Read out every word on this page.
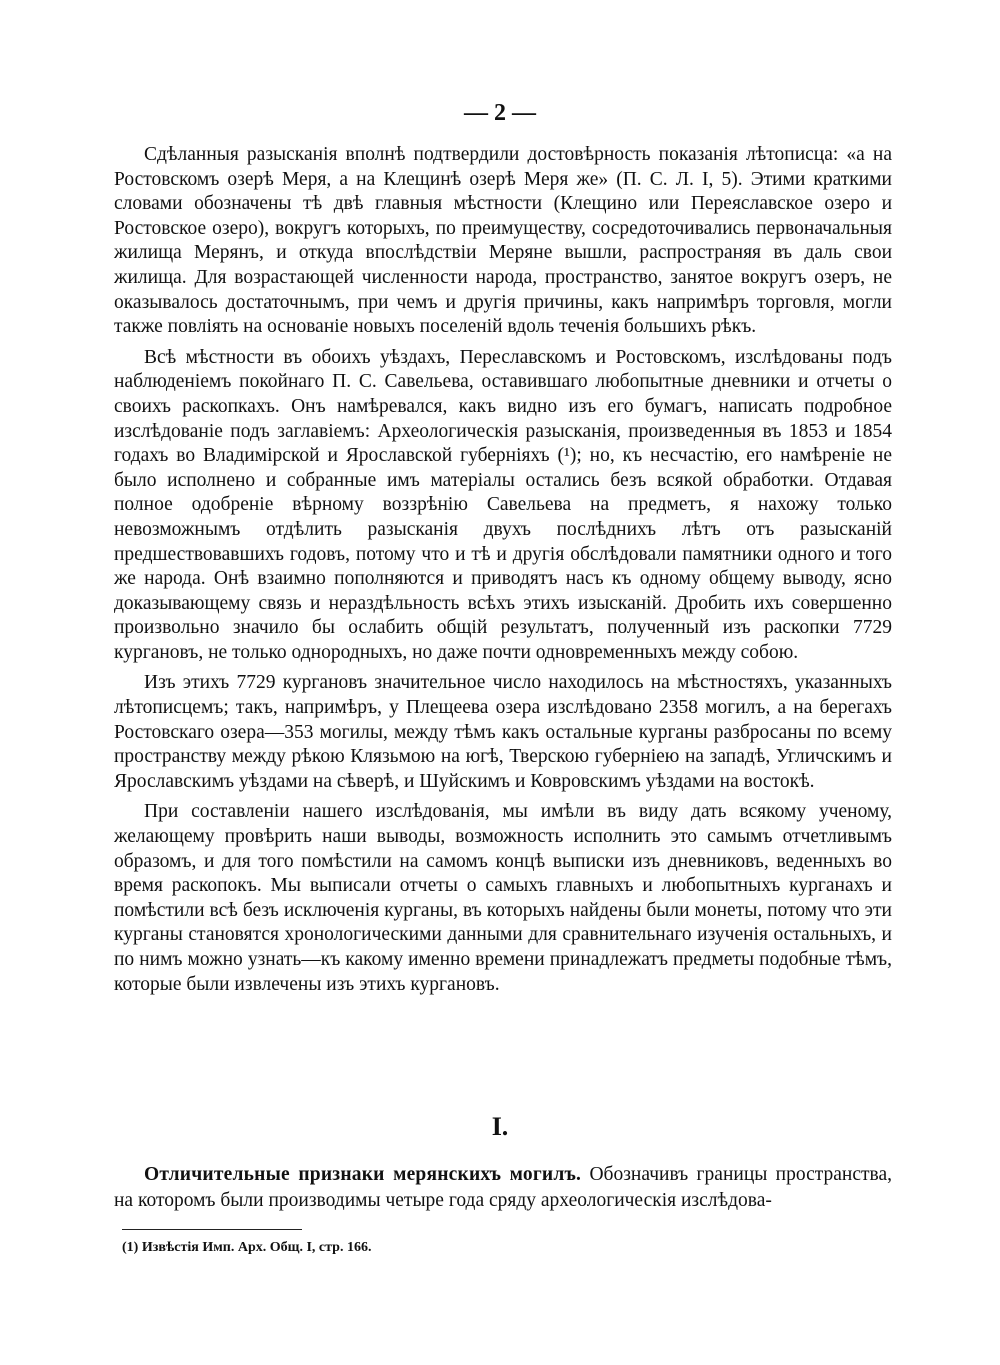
— 2 —

Сдѣланныя разысканія вполнѣ подтвердили достовѣрность показанія лѣтописца: «а на Ростовскомъ озерѣ Меря, а на Клещинѣ озерѣ Меря же» (П. С. Л. I, 5). Этими краткими словами обозначены тѣ двѣ главныя мѣстности (Клещино или Переяславское озеро и Ростовское озеро), вокругъ которыхъ, по преимуществу, сосредоточивались первоначальныя жилища Мерянъ, и откуда впослѣдствіи Меряне вышли, распространяя въ даль свои жилища. Для возрастающей численности народа, пространство, занятое вокругъ озеръ, не оказывалось достаточнымъ, при чемъ и другія причины, какъ напримѣръ торговля, могли также повліять на основаніе новыхъ поселеній вдоль теченія большихъ рѣкъ.

Всѣ мѣстности въ обоихъ уѣздахъ, Переславскомъ и Ростовскомъ, изслѣдованы подъ наблюденіемъ покойнаго П. С. Савельева, оставившаго любопытные дневники и отчеты о своихъ раскопкахъ. Онъ намѣревался, какъ видно изъ его бумагъ, написать подробное изслѣдованіе подъ заглавіемъ: Археологическія разысканія, произведенныя въ 1853 и 1854 годахъ во Владимірской и Ярославской губерніяхъ (¹); но, къ несчастію, его намѣреніе не было исполнено и собранные имъ матеріалы остались безъ всякой обработки. Отдавая полное одобреніе вѣрному воззрѣнію Савельева на предметъ, я нахожу только невозможнымъ отдѣлить разысканія двухъ послѣднихъ лѣтъ отъ разысканій предшествовавшихъ годовъ, потому что и тѣ и другія обслѣдовали памятники одного и того же народа. Онѣ взаимно пополняются и приводятъ насъ къ одному общему выводу, ясно доказывающему связь и нераздѣльность всѣхъ этихъ изысканій. Дробить ихъ совершенно произвольно значило бы ослабить общій результатъ, полученный изъ раскопки 7729 кургановъ, не только однородныхъ, но даже почти одновременныхъ между собою.

Изъ этихъ 7729 кургановъ значительное число находилось на мѣстностяхъ, указанныхъ лѣтописцемъ; такъ, напримѣръ, у Плещеева озера изслѣдовано 2358 могилъ, а на берегахъ Ростовскаго озера—353 могилы, между тѣмъ какъ остальные курганы разбросаны по всему пространству между рѣкою Клязьмою на югѣ, Тверскою губерніею на западѣ, Угличскимъ и Ярославскимъ уѣздами на сѣверѣ, и Шуйскимъ и Ковровскимъ уѣздами на востокѣ.

При составленіи нашего изслѣдованія, мы имѣли въ виду дать всякому ученому, желающему провѣрить наши выводы, возможность исполнить это самымъ отчетливымъ образомъ, и для того помѣстили на самомъ концѣ выписки изъ дневниковъ, веденныхъ во время раскопокъ. Мы выписали отчеты о самыхъ главныхъ и любопытныхъ курганахъ и помѣстили всѣ безъ исключенія курганы, въ которыхъ найдены были монеты, потому что эти курганы становятся хронологическими данными для сравнительнаго изученія остальныхъ, и по нимъ можно узнать—къ какому именно времени принадлежатъ предметы подобные тѣмъ, которые были извлечены изъ этихъ кургановъ.

I.

Отличительные признаки мерянскихъ могилъ. Обозначивъ границы пространства, на которомъ были производимы четыре года сряду археологическія изслѣдова-

(1) Извѣстія Имп. Арх. Общ. I, стр. 166.
